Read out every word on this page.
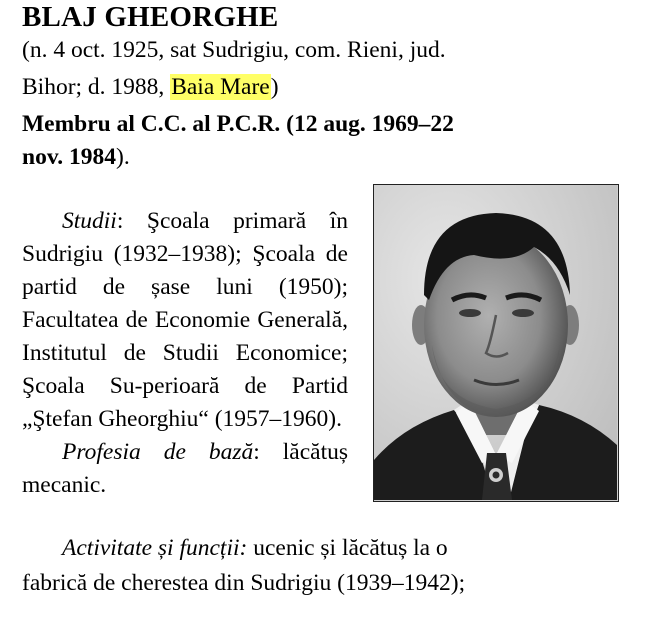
BLAJ GHEORGHE
(n. 4 oct. 1925, sat Sudrigiu, com. Rieni, jud.
Bihor; d. 1988, Baia Mare)
Membru al C.C. al P.C.R. (12 aug. 1969–22
nov. 1984).

Studii: Şcoala primară în Sudrigiu (1932–1938); Şcoala de partid de șase luni (1950); Facultatea de Economie Generală, Institutul de Studii Economice; Şcoala Su-perioară de Partid „Ştefan Gheorghiu“ (1957–1960).

Profesia de bază: lăcătuș mecanic.

Activitate și funcții: ucenic și lăcătuș la o

fabrică de cherestea din Sudrigiu (1939–1942);
